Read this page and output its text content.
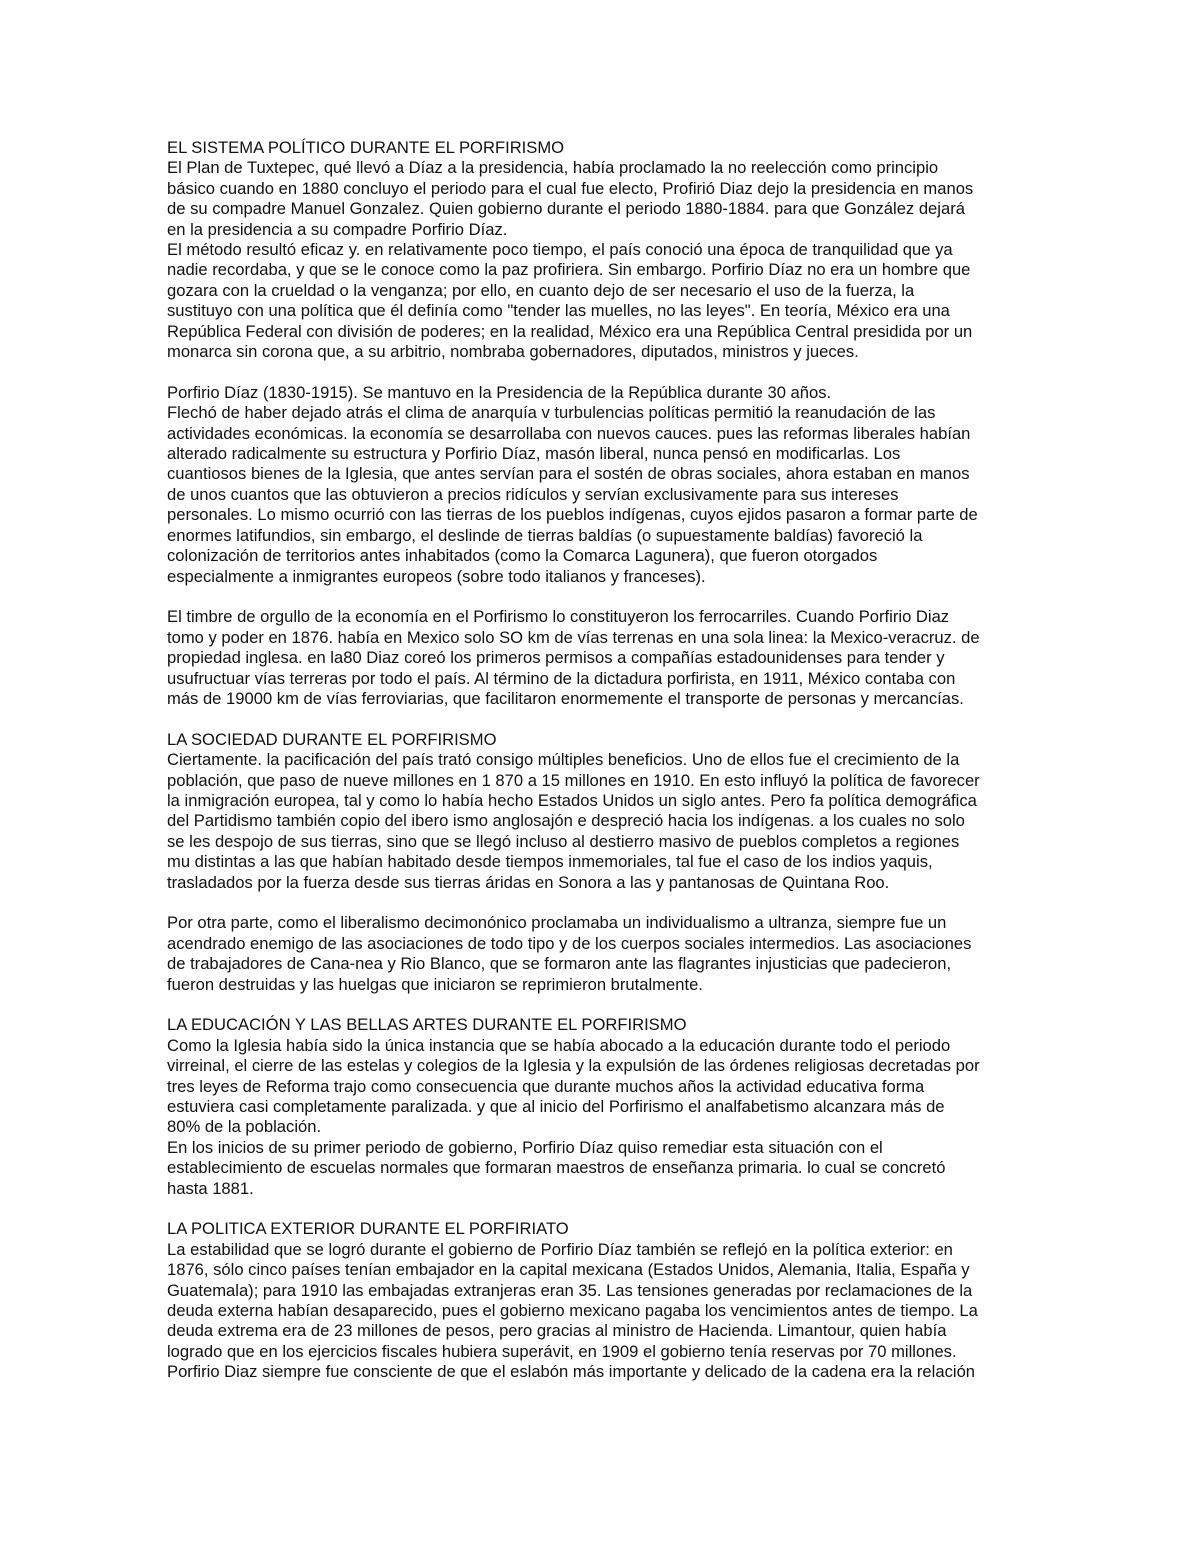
EL SISTEMA POLÍTICO DURANTE EL PORFIRISMO
El Plan de Tuxtepec, qué llevó a Díaz a la presidencia, había proclamado la no reelección como principio
básico cuando en 1880 concluyo el periodo para el cual fue electo, Profirió Diaz dejo la presidencia en manos
de su compadre Manuel Gonzalez. Quien gobierno durante el periodo 1880-1884. para que González dejará
en la presidencia a su compadre Porfirio Díaz.
El método resultó eficaz y. en relativamente poco tiempo, el país conoció una época de tranquilidad que ya
nadie recordaba, y que se le conoce como la paz profiriera. Sin embargo. Porfirio Díaz no era un hombre que
gozara con la crueldad o la venganza; por ello, en cuanto dejo de ser necesario el uso de la fuerza, la
sustituyo con una política que él definía como "tender las muelles, no las leyes". En teoría, México era una
República Federal con división de poderes; en la realidad, México era una República Central presidida por un
monarca sin corona que, a su arbitrio, nombraba gobernadores, diputados, ministros y jueces.
Porfirio Díaz (1830-1915). Se mantuvo en la Presidencia de la República durante 30 años.
Flechó de haber dejado atrás el clima de anarquía v turbulencias políticas permitió la reanudación de las
actividades económicas. la economía se desarrollaba con nuevos cauces. pues las reformas liberales habían
alterado radicalmente su estructura y Porfirio Díaz, masón liberal, nunca pensó en modificarlas. Los
cuantiosos bienes de la Iglesia, que antes servían para el sostén de obras sociales, ahora estaban en manos
de unos cuantos que las obtuvieron a precios ridículos y servían exclusivamente para sus intereses
personales. Lo mismo ocurrió con las tierras de los pueblos indígenas, cuyos ejidos pasaron a formar parte de
enormes latifundios, sin embargo, el deslinde de tierras baldías (o supuestamente baldías) favoreció la
colonización de territorios antes inhabitados (como la Comarca Lagunera), que fueron otorgados
especialmente a inmigrantes europeos (sobre todo italianos y franceses).
El timbre de orgullo de la economía en el Porfirismo lo constituyeron los ferrocarriles. Cuando Porfirio Diaz
tomo y poder en 1876. había en Mexico solo SO km de vías terrenas en una sola linea: la Mexico-veracruz. de
propiedad inglesa. en la80 Diaz coreó los primeros permisos a compañías estadounidenses para tender y
usufructuar vías terreras por todo el país. Al término de la dictadura porfirista, en 1911, México contaba con
más de 19000 km de vías ferroviarias, que facilitaron enormemente el transporte de personas y mercancías.
LA SOCIEDAD DURANTE EL PORFIRISMO
Ciertamente. la pacificación del país trató consigo múltiples beneficios. Uno de ellos fue el crecimiento de la
población, que paso de nueve millones en 1 870 a 15 millones en 1910. En esto influyó la política de favorecer
la inmigración europea, tal y como lo había hecho Estados Unidos un siglo antes. Pero fa política demográfica
del Partidismo también copio del ibero ismo anglosajón e despreció hacia los indígenas. a los cuales no solo
se les despojo de sus tierras, sino que se llegó incluso al destierro masivo de pueblos completos a regiones
mu distintas a las que habían habitado desde tiempos inmemoriales, tal fue el caso de los indios yaquis,
trasladados por la fuerza desde sus tierras áridas en Sonora a las y pantanosas de Quintana Roo.
Por otra parte, como el liberalismo decimonónico proclamaba un individualismo a ultranza, siempre fue un
acendrado enemigo de las asociaciones de todo tipo y de los cuerpos sociales intermedios. Las asociaciones
de trabajadores de Cana-nea y Rio Blanco, que se formaron ante las flagrantes injusticias que padecieron,
fueron destruidas y las huelgas que iniciaron se reprimieron brutalmente.
LA EDUCACIÓN Y LAS BELLAS ARTES DURANTE EL PORFIRISMO
Como la Iglesia había sido la única instancia que se había abocado a la educación durante todo el periodo
virreinal, el cierre de las estelas y colegios de la Iglesia y la expulsión de las órdenes religiosas decretadas por
tres leyes de Reforma trajo como consecuencia que durante muchos años la actividad educativa forma
estuviera casi completamente paralizada. y que al inicio del Porfirismo el analfabetismo alcanzara más de
80% de la población.
En los inicios de su primer periodo de gobierno, Porfirio Díaz quiso remediar esta situación con el
establecimiento de escuelas normales que formaran maestros de enseñanza primaria. lo cual se concretó
hasta 1881.
LA POLITICA EXTERIOR DURANTE EL PORFIRIATO
La estabilidad que se logró durante el gobierno de Porfirio Díaz también se reflejó en la política exterior: en
1876, sólo cinco países tenían embajador en la capital mexicana (Estados Unidos, Alemania, Italia, España y
Guatemala); para 1910 las embajadas extranjeras eran 35. Las tensiones generadas por reclamaciones de la
deuda externa habían desaparecido, pues el gobierno mexicano pagaba los vencimientos antes de tiempo. La
deuda extrema era de 23 millones de pesos, pero gracias al ministro de Hacienda. Limantour, quien había
logrado que en los ejercicios fiscales hubiera superávit, en 1909 el gobierno tenía reservas por 70 millones.
Porfirio Diaz siempre fue consciente de que el eslabón más importante y delicado de la cadena era la relación
